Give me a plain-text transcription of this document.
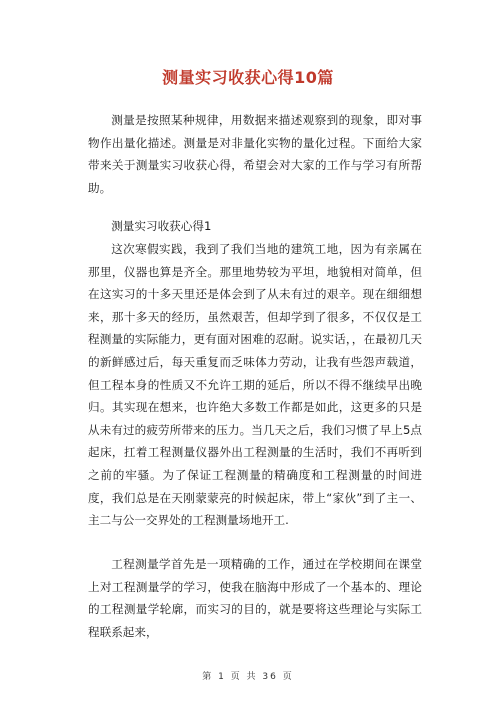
测量实习收获心得10篇

测量是按照某种规律，用数据来描述观察到的现象，即对事物作出量化描述。测量是对非量化实物的量化过程。下面给大家带来关于测量实习收获心得，希望会对大家的工作与学习有所帮助。

测量实习收获心得1

这次寒假实践，我到了我们当地的建筑工地，因为有亲属在那里，仪器也算是齐全。那里地势较为平坦，地貌相对简单，但在这实习的十多天里还是体会到了从未有过的艰辛。现在细细想来，那十多天的经历，虽然艰苦，但却学到了很多，不仅仅是工程测量的实际能力，更有面对困难的忍耐。说实话，，在最初几天的新鲜感过后，每天重复而乏味体力劳动，让我有些怨声载道，但工程本身的性质又不允许工期的延后，所以不得不继续早出晚归。其实现在想来，也许绝大多数工作都是如此，这更多的只是从未有过的疲劳所带来的压力。当几天之后，我们习惯了早上5点起床，扛着工程测量仪器外出工程测量的生活时，我们不再听到之前的牢骚。为了保证工程测量的精确度和工程测量的时间进度，我们总是在天刚蒙蒙亮的时候起床，带上“家伙”到了主一、主二与公一交界处的工程测量场地开工.

工程测量学首先是一项精确的工作，通过在学校期间在课堂上对工程测量学的学习，使我在脑海中形成了一个基本的、理论的工程测量学轮廓，而实习的目的，就是要将这些理论与实际工程联系起来，

第 1 页 共 36 页
